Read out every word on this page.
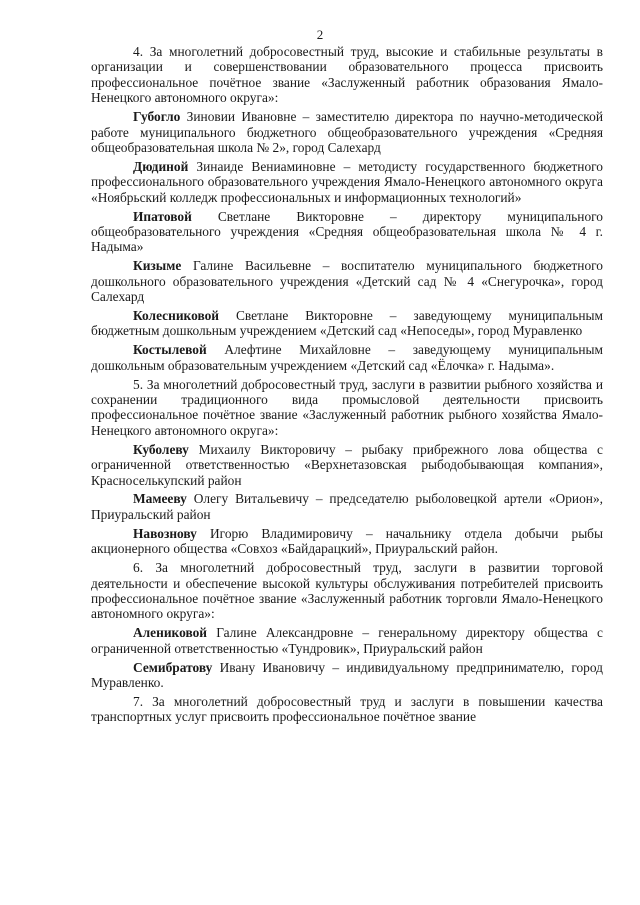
2

4. За многолетний добросовестный труд, высокие и стабильные результаты в организации и совершенствовании образовательного процесса присвоить профессиональное почётное звание «Заслуженный работник образования Ямало-Ненецкого автономного округа»:

Губогло Зиновии Ивановне – заместителю директора по научно-методической работе муниципального бюджетного общеобразовательного учреждения «Средняя общеобразовательная школа № 2», город Салехард

Дюдиной Зинаиде Вениаминовне – методисту государственного бюджетного профессионального образовательного учреждения Ямало-Ненецкого автономного округа «Ноябрьский колледж профессиональных и информационных технологий»

Ипатовой Светлане Викторовне – директору муниципального общеобразовательного учреждения «Средняя общеобразовательная школа № 4 г. Надыма»

Кизыме Галине Васильевне – воспитателю муниципального бюджетного дошкольного образовательного учреждения «Детский сад № 4 «Снегурочка», город Салехард

Колесниковой Светлане Викторовне – заведующему муниципальным бюджетным дошкольным учреждением «Детский сад «Непоседы», город Муравленко

Костылевой Алефтине Михайловне – заведующему муниципальным дошкольным образовательным учреждением «Детский сад «Ёлочка» г. Надыма».

5. За многолетний добросовестный труд, заслуги в развитии рыбного хозяйства и сохранении традиционного вида промысловой деятельности присвоить профессиональное почётное звание «Заслуженный работник рыбного хозяйства Ямало-Ненецкого автономного округа»:

Куболеву Михаилу Викторовичу – рыбаку прибрежного лова общества с ограниченной ответственностью «Верхнетазовская рыбодобывающая компания», Красноселькупский район

Мамееву Олегу Витальевичу – председателю рыболовецкой артели «Орион», Приуральский район

Навознову Игорю Владимировичу – начальнику отдела добычи рыбы акционерного общества «Совхоз «Байдарацкий», Приуральский район.

6. За многолетний добросовестный труд, заслуги в развитии торговой деятельности и обеспечение высокой культуры обслуживания потребителей присвоить профессиональное почётное звание «Заслуженный работник торговли Ямало-Ненецкого автономного округа»:

Алениковой Галине Александровне – генеральному директору общества с ограниченной ответственностью «Тундровик», Приуральский район

Семибратову Ивану Ивановичу – индивидуальному предпринимателю, город Муравленко.

7. За многолетний добросовестный труд и заслуги в повышении качества транспортных услуг присвоить профессиональное почётное звание
